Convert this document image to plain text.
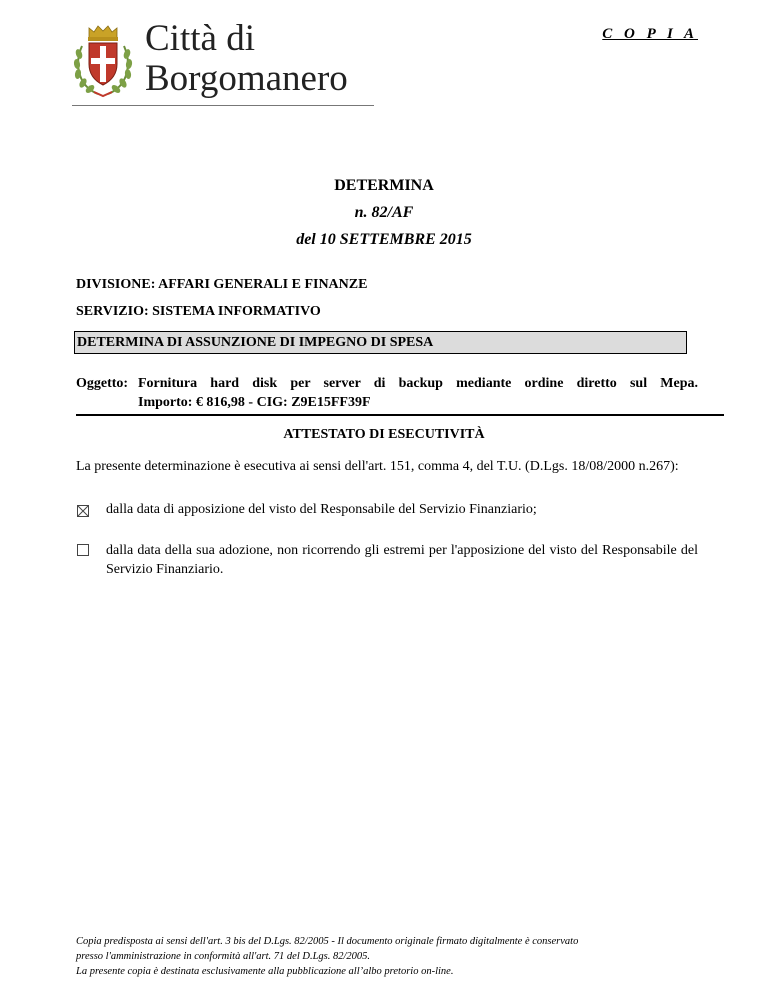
Città di
Borgomanero
C O P I A
DETERMINA
n. 82/AF
del 10 SETTEMBRE 2015
DIVISIONE: AFFARI GENERALI E FINANZE
SERVIZIO: SISTEMA INFORMATIVO
DETERMINA DI ASSUNZIONE DI IMPEGNO DI SPESA
Oggetto: Fornitura hard disk per server di backup mediante ordine diretto sul Mepa.
Importo: € 816,98 - CIG: Z9E15FF39F
ATTESTATO DI ESECUTIVITÀ
La presente determinazione è esecutiva ai sensi dell'art. 151, comma 4, del T.U. (D.Lgs. 18/08/2000 n.267):
dalla data di apposizione del visto del Responsabile del Servizio Finanziario;
dalla data della sua adozione, non ricorrendo gli estremi per l'apposizione del visto del Responsabile del Servizio Finanziario.
Copia predisposta ai sensi dell'art. 3 bis del D.Lgs. 82/2005 - Il documento originale firmato digitalmente è conservato
presso l'amministrazione in conformità all'art. 71 del D.Lgs. 82/2005.
La presente copia è destinata esclusivamente alla pubblicazione all’albo pretorio on-line.
